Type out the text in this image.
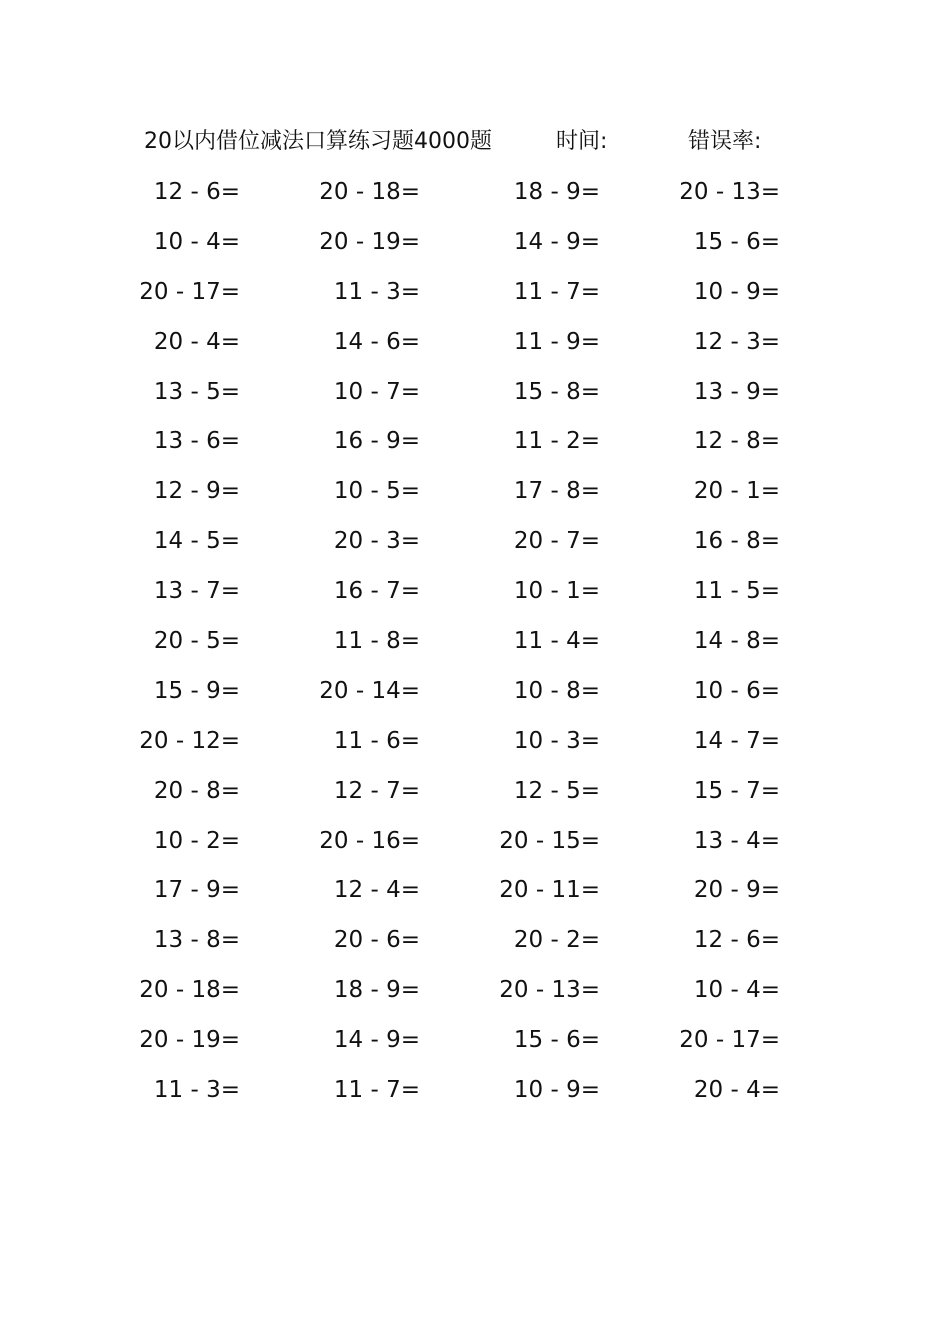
20以内借位减法口算练习题4000题	时间:	错误率:
12 - 6=	20 - 18=	18 - 9=	20 - 13=
10 - 4=	20 - 19=	14 - 9=	15 - 6=
20 - 17=	11 - 3=	11 - 7=	10 - 9=
20 - 4=	14 - 6=	11 - 9=	12 - 3=
13 - 5=	10 - 7=	15 - 8=	13 - 9=
13 - 6=	16 - 9=	11 - 2=	12 - 8=
12 - 9=	10 - 5=	17 - 8=	20 - 1=
14 - 5=	20 - 3=	20 - 7=	16 - 8=
13 - 7=	16 - 7=	10 - 1=	11 - 5=
20 - 5=	11 - 8=	11 - 4=	14 - 8=
15 - 9=	20 - 14=	10 - 8=	10 - 6=
20 - 12=	11 - 6=	10 - 3=	14 - 7=
20 - 8=	12 - 7=	12 - 5=	15 - 7=
10 - 2=	20 - 16=	20 - 15=	13 - 4=
17 - 9=	12 - 4=	20 - 11=	20 - 9=
13 - 8=	20 - 6=	20 - 2=	12 - 6=
20 - 18=	18 - 9=	20 - 13=	10 - 4=
20 - 19=	14 - 9=	15 - 6=	20 - 17=
11 - 3=	11 - 7=	10 - 9=	20 - 4=
